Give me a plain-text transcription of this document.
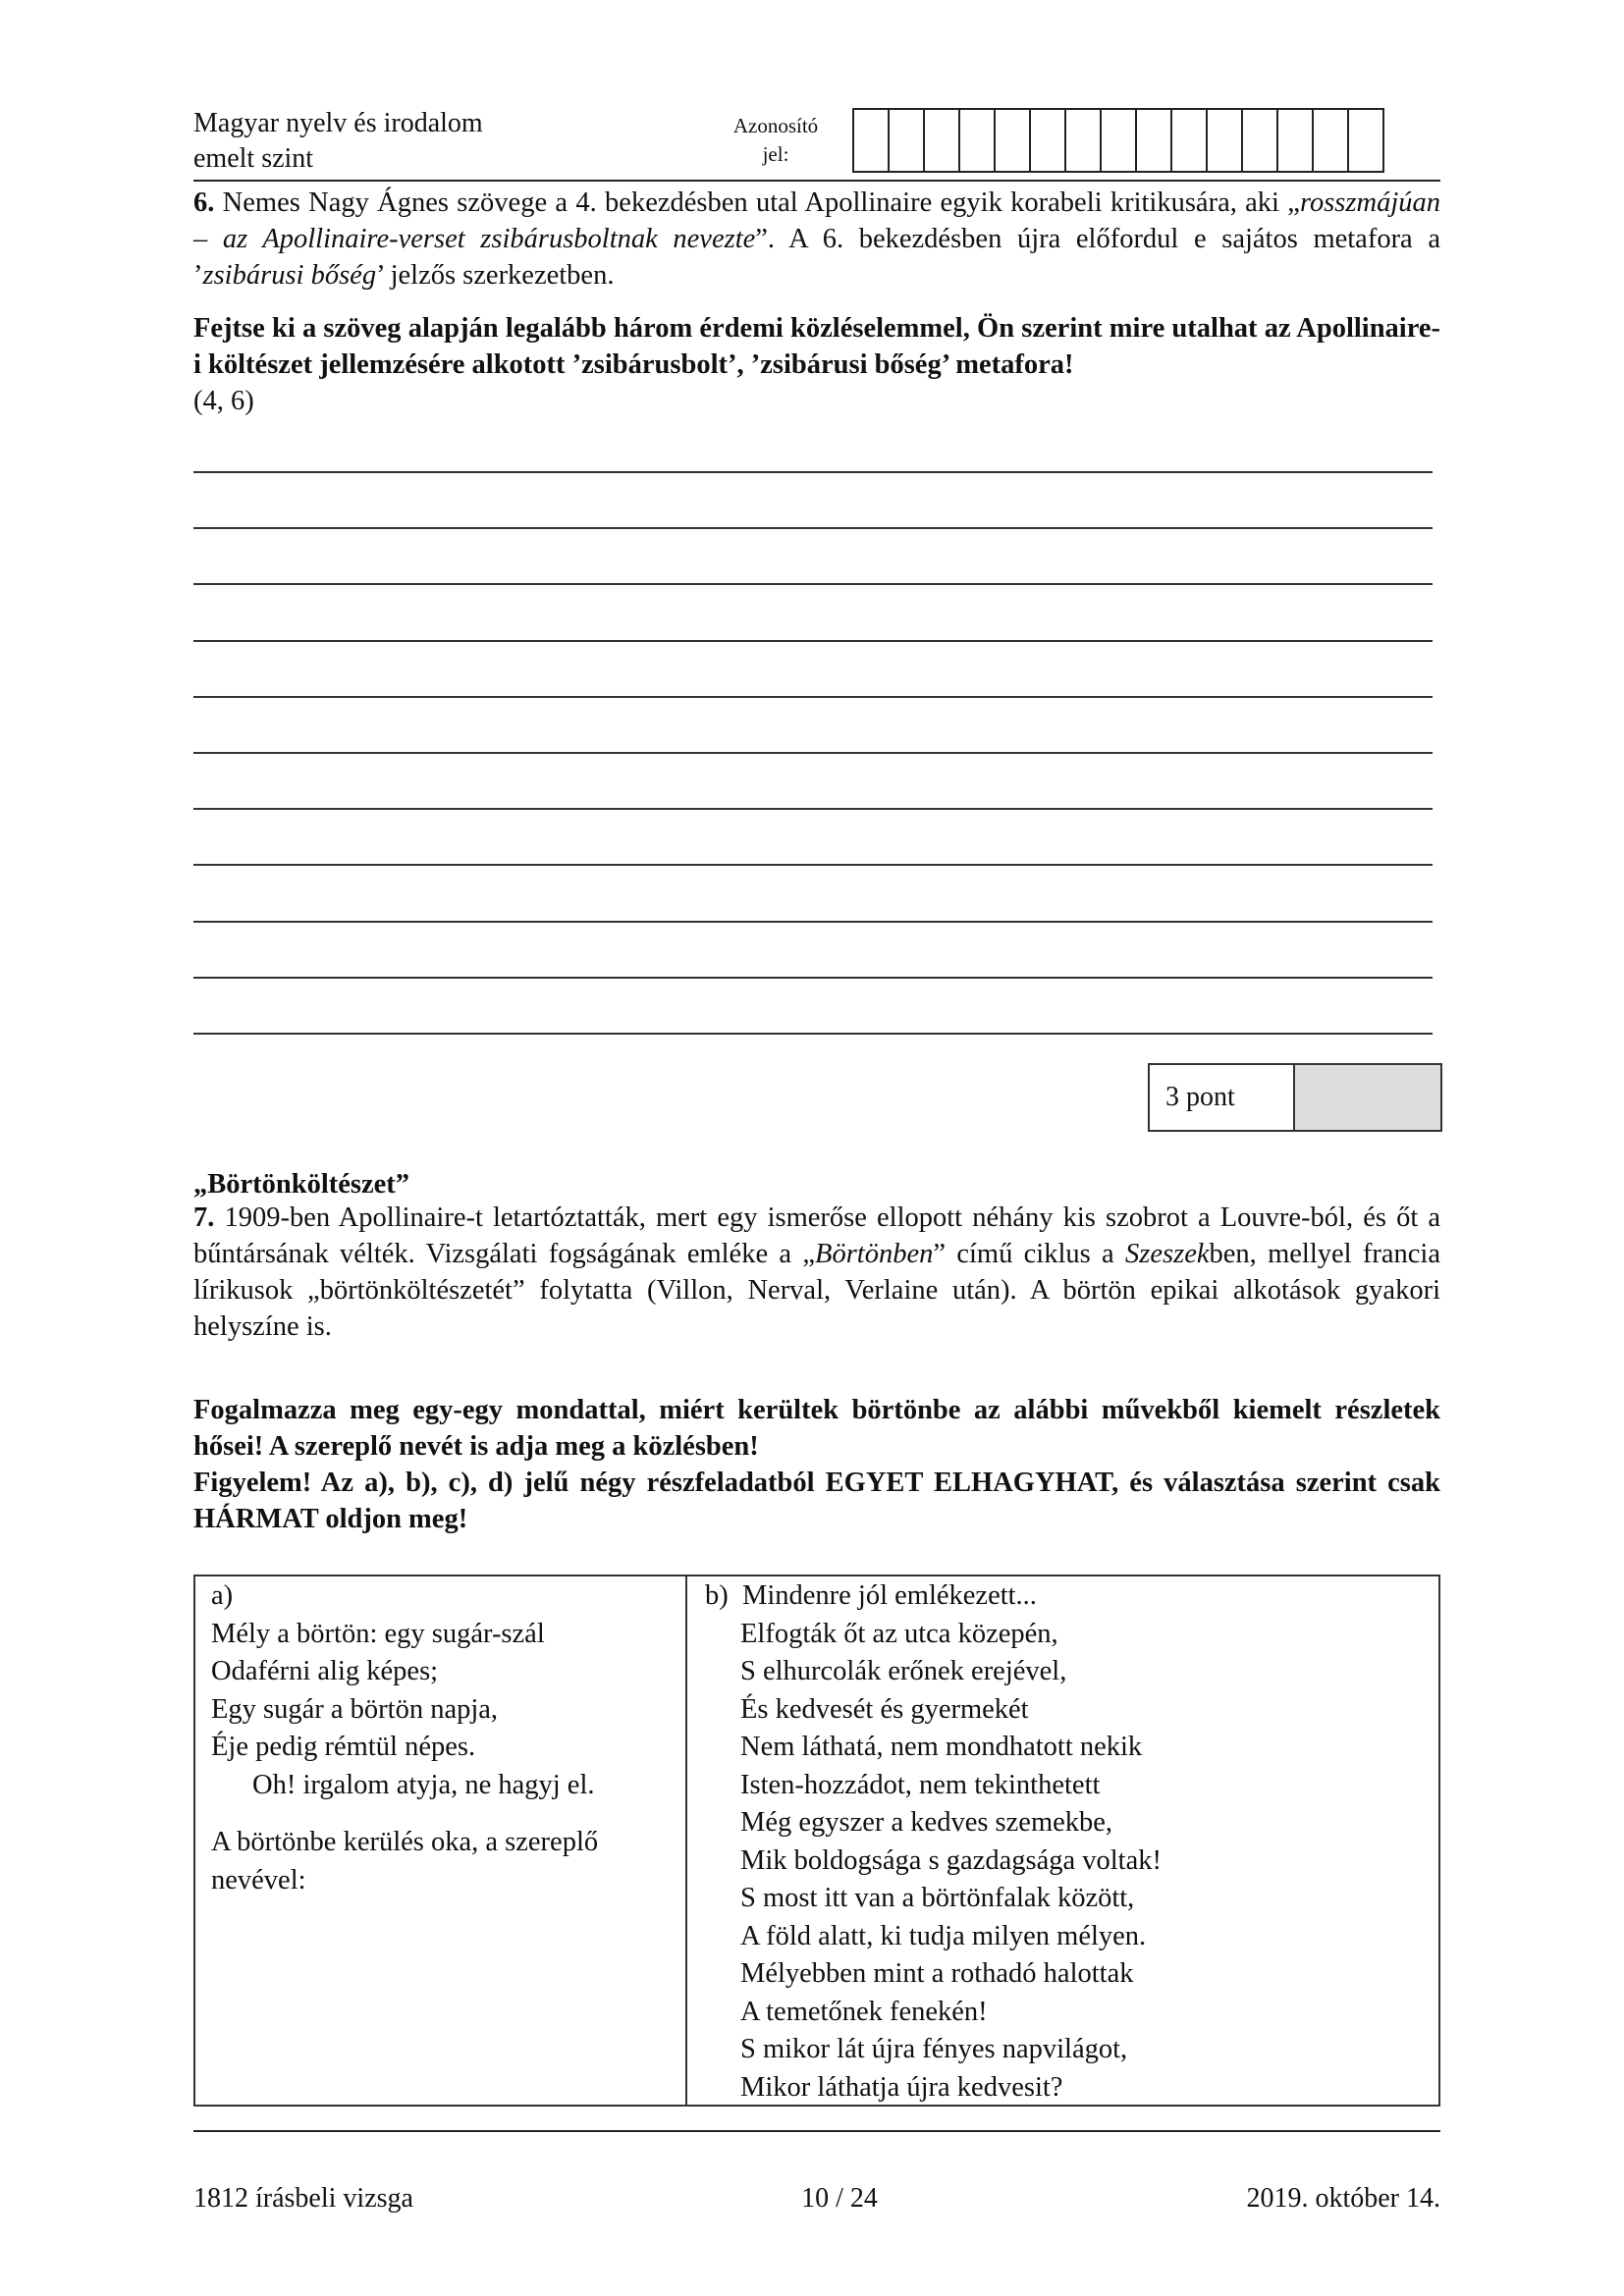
Magyar nyelv és irodalom
emelt szint
Azonosító
jel:
6. Nemes Nagy Ágnes szövege a 4. bekezdésben utal Apollinaire egyik korabeli kritikusára, aki „rosszmájúan – az Apollinaire-verset zsibárusboltnak nevezte”. A 6. bekezdésben újra előfordul e sajátos metafora a ’zsibárusi bőség’ jelzős szerkezetben.
Fejtse ki a szöveg alapján legalább három érdemi közléselemmel, Ön szerint mire utalhat az Apollinaire-i költészet jellemzésére alkotott ’zsibárusbolt’, ’zsibárusi bőség’ metafora!
(4, 6)
3 pont
„Börtönköltészet”
7. 1909-ben Apollinaire-t letartóztatták, mert egy ismerőse ellopott néhány kis szobrot a Louvre-ból, és őt a bűntársának vélték. Vizsgálati fogságának emléke a „Börtönben” című ciklus a Szeszekben, mellyel francia lírikusok „börtönköltészetét” folytatta (Villon, Nerval, Verlaine után). A börtön epikai alkotások gyakori helyszíne is.
Fogalmazza meg egy-egy mondattal, miért kerültek börtönbe az alábbi művekből kiemelt részletek hősei! A szereplő nevét is adja meg a közlésben!
Figyelem! Az a), b), c), d) jelű négy részfeladatból EGYET ELHAGYHAT, és választása szerint csak HÁRMAT oldjon meg!
a)
Mély a börtön: egy sugár-szál
Odaférni alig képes;
Egy sugár a börtön napja,
Éje pedig rémtül népes.
Oh! irgalom atyja, ne hagyj el.
A börtönbe kerülés oka, a szereplő
nevével:
b) Mindenre jól emlékezett...
Elfogták őt az utca közepén,
S elhurcolák erőnek erejével,
És kedvesét és gyermekét
Nem láthatá, nem mondhatott nekik
Isten-hozzádot, nem tekinthetett
Még egyszer a kedves szemekbe,
Mik boldogsága s gazdagsága voltak!
S most itt van a börtönfalak között,
A föld alatt, ki tudja milyen mélyen.
Mélyebben mint a rothadó halottak
A temetőnek fenekén!
S mikor lát újra fényes napvilágot,
Mikor láthatja újra kedvesit?
1812 írásbeli vizsga	10 / 24	2019. október 14.
